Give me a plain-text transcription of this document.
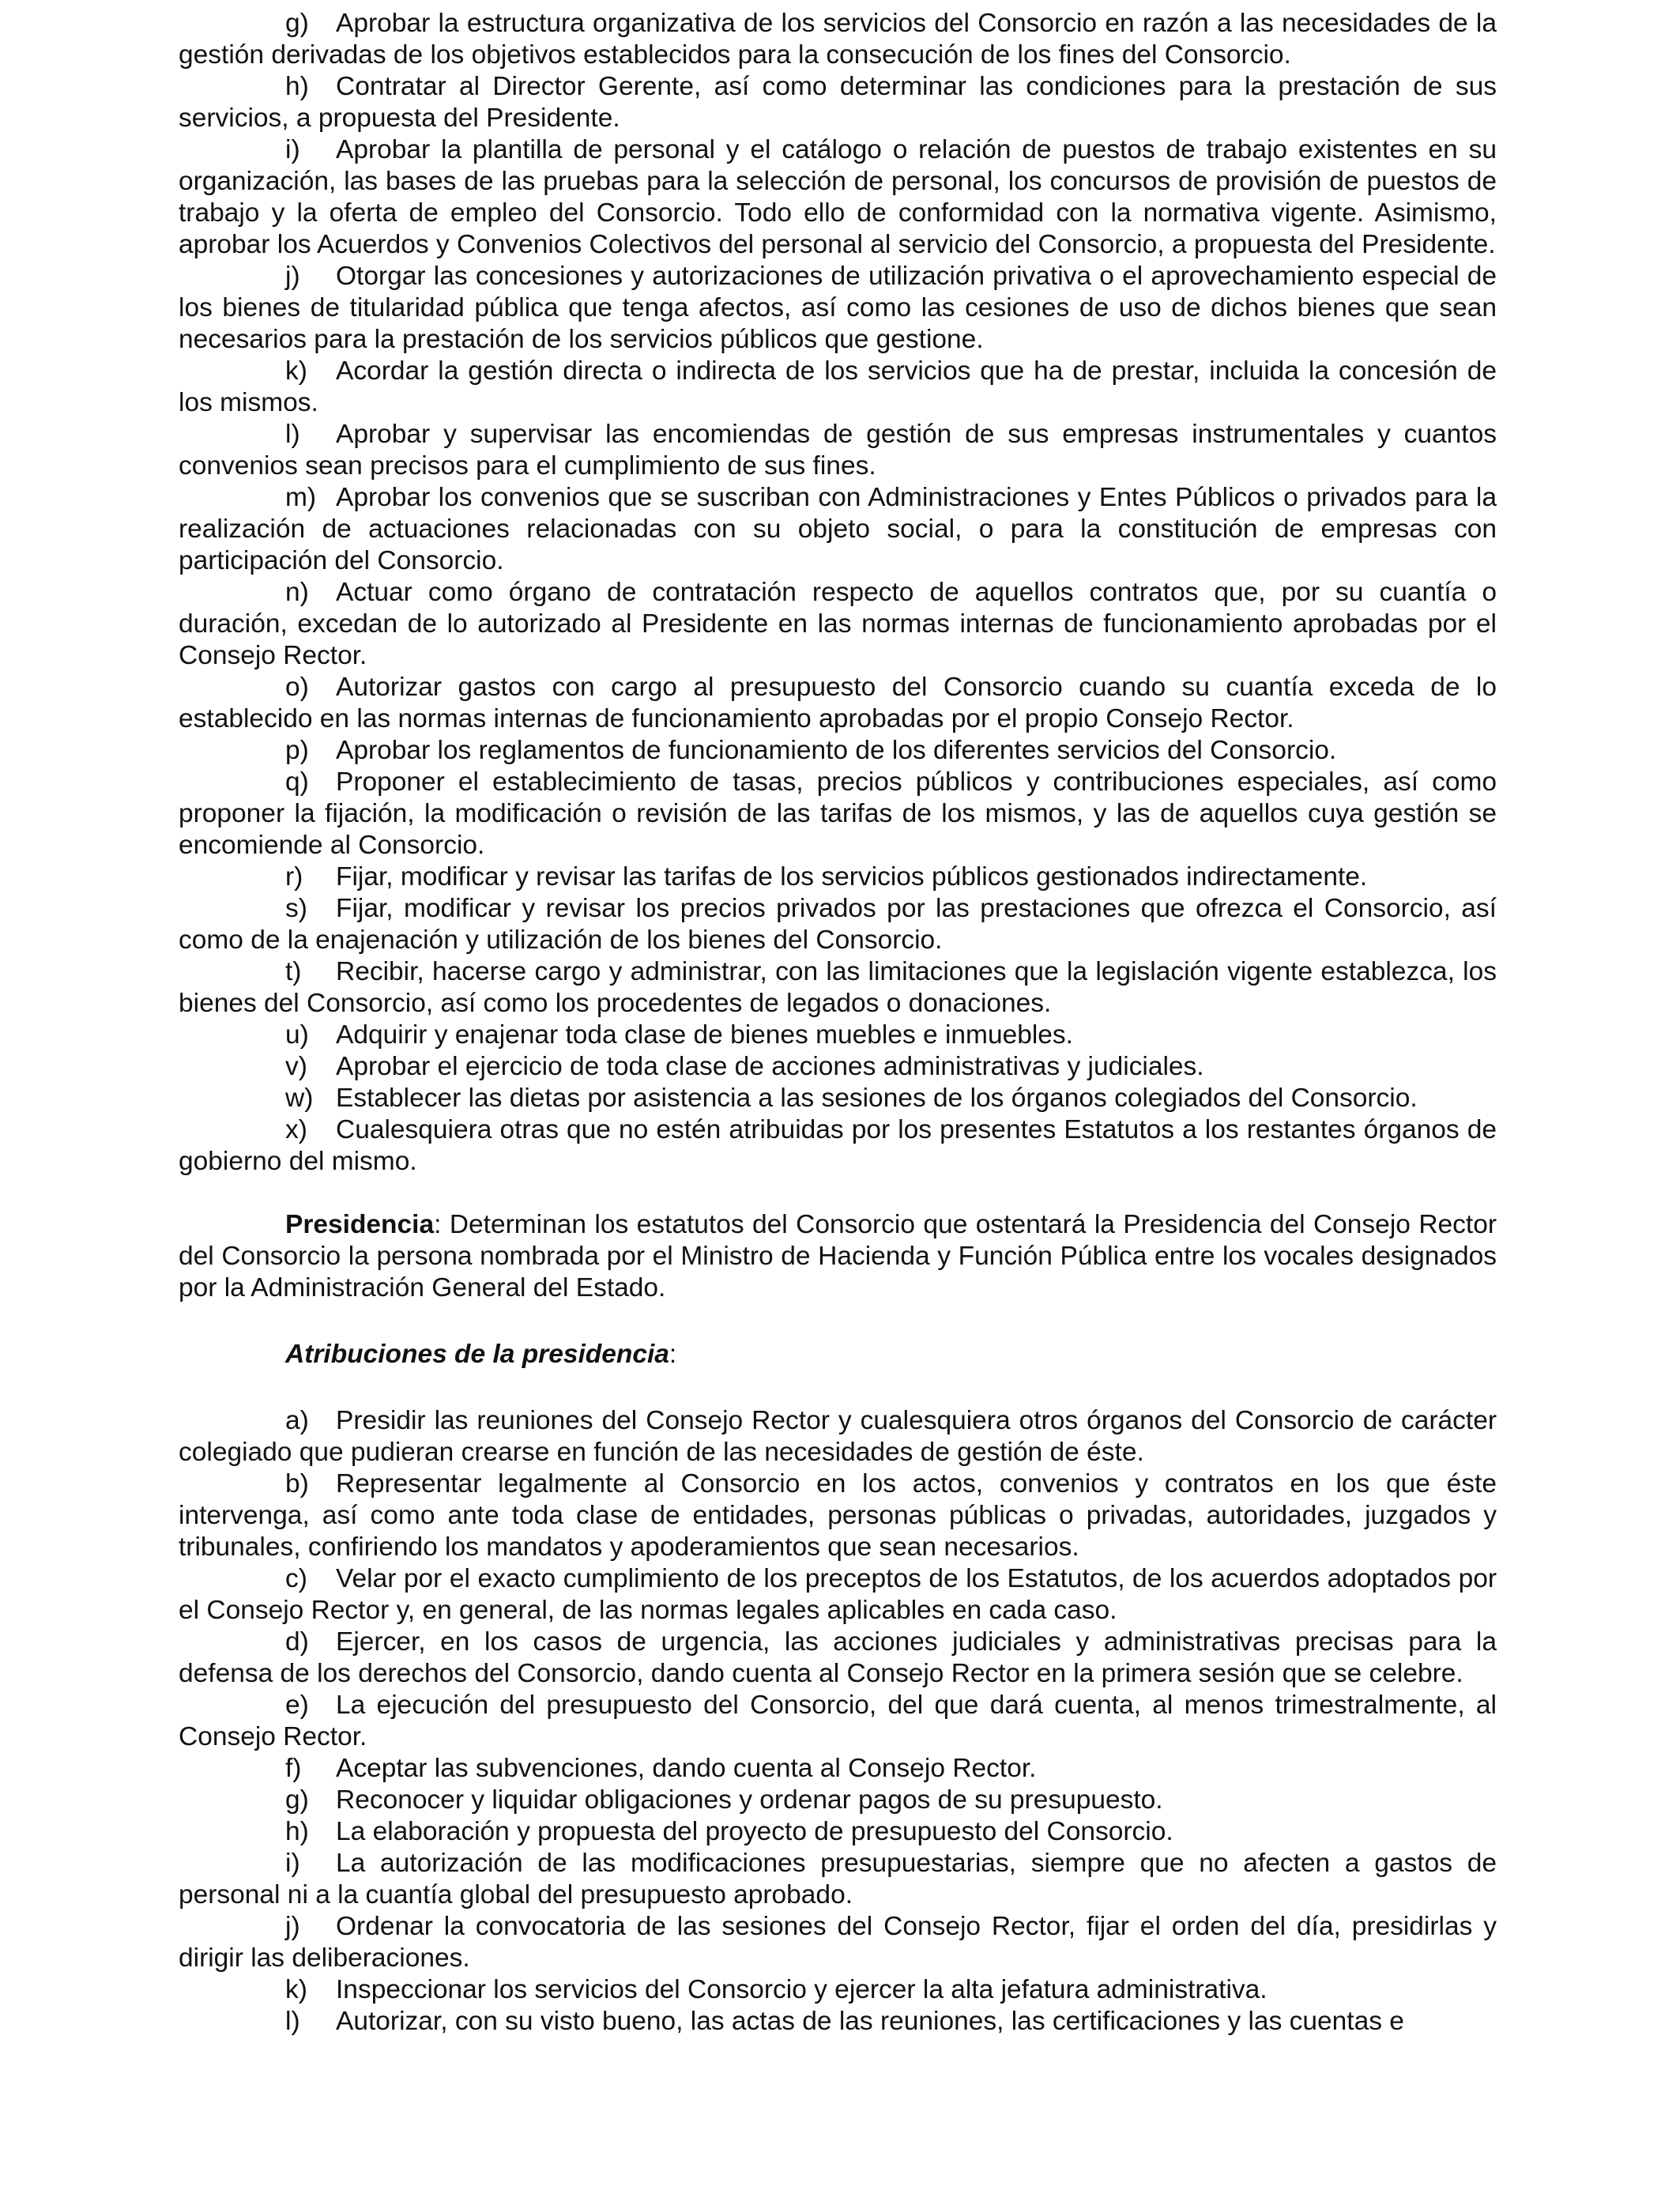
g) Aprobar la estructura organizativa de los servicios del Consorcio en razón a las necesidades de la gestión derivadas de los objetivos establecidos para la consecución de los fines del Consorcio.

h) Contratar al Director Gerente, así como determinar las condiciones para la prestación de sus servicios, a propuesta del Presidente.

i) Aprobar la plantilla de personal y el catálogo o relación de puestos de trabajo existentes en su organización, las bases de las pruebas para la selección de personal, los concursos de provisión de puestos de trabajo y la oferta de empleo del Consorcio. Todo ello de conformidad con la normativa vigente. Asimismo, aprobar los Acuerdos y Convenios Colectivos del personal al servicio del Consorcio, a propuesta del Presidente.

j) Otorgar las concesiones y autorizaciones de utilización privativa o el aprovechamiento especial de los bienes de titularidad pública que tenga afectos, así como las cesiones de uso de dichos bienes que sean necesarios para la prestación de los servicios públicos que gestione.

k) Acordar la gestión directa o indirecta de los servicios que ha de prestar, incluida la concesión de los mismos.

l) Aprobar y supervisar las encomiendas de gestión de sus empresas instrumentales y cuantos convenios sean precisos para el cumplimiento de sus fines.

m) Aprobar los convenios que se suscriban con Administraciones y Entes Públicos o privados para la realización de actuaciones relacionadas con su objeto social, o para la constitución de empresas con participación del Consorcio.

n) Actuar como órgano de contratación respecto de aquellos contratos que, por su cuantía o duración, excedan de lo autorizado al Presidente en las normas internas de funcionamiento aprobadas por el Consejo Rector.

o) Autorizar gastos con cargo al presupuesto del Consorcio cuando su cuantía exceda de lo establecido en las normas internas de funcionamiento aprobadas por el propio Consejo Rector.

p) Aprobar los reglamentos de funcionamiento de los diferentes servicios del Consorcio.

q) Proponer el establecimiento de tasas, precios públicos y contribuciones especiales, así como proponer la fijación, la modificación o revisión de las tarifas de los mismos, y las de aquellos cuya gestión se encomiende al Consorcio.

r) Fijar, modificar y revisar las tarifas de los servicios públicos gestionados indirectamente.

s) Fijar, modificar y revisar los precios privados por las prestaciones que ofrezca el Consorcio, así como de la enajenación y utilización de los bienes del Consorcio.

t) Recibir, hacerse cargo y administrar, con las limitaciones que la legislación vigente establezca, los bienes del Consorcio, así como los procedentes de legados o donaciones.

u) Adquirir y enajenar toda clase de bienes muebles e inmuebles.

v) Aprobar el ejercicio de toda clase de acciones administrativas y judiciales.

w) Establecer las dietas por asistencia a las sesiones de los órganos colegiados del Consorcio.

x) Cualesquiera otras que no estén atribuidas por los presentes Estatutos a los restantes órganos de gobierno del mismo.

Presidencia: Determinan los estatutos del Consorcio que ostentará la Presidencia del Consejo Rector del Consorcio la persona nombrada por el Ministro de Hacienda y Función Pública entre los vocales designados por la Administración General del Estado.

Atribuciones de la presidencia:

a) Presidir las reuniones del Consejo Rector y cualesquiera otros órganos del Consorcio de carácter colegiado que pudieran crearse en función de las necesidades de gestión de éste.

b) Representar legalmente al Consorcio en los actos, convenios y contratos en los que éste intervenga, así como ante toda clase de entidades, personas públicas o privadas, autoridades, juzgados y tribunales, confiriendo los mandatos y apoderamientos que sean necesarios.

c) Velar por el exacto cumplimiento de los preceptos de los Estatutos, de los acuerdos adoptados por el Consejo Rector y, en general, de las normas legales aplicables en cada caso.

d) Ejercer, en los casos de urgencia, las acciones judiciales y administrativas precisas para la defensa de los derechos del Consorcio, dando cuenta al Consejo Rector en la primera sesión que se celebre.

e) La ejecución del presupuesto del Consorcio, del que dará cuenta, al menos trimestralmente, al Consejo Rector.

f) Aceptar las subvenciones, dando cuenta al Consejo Rector.

g) Reconocer y liquidar obligaciones y ordenar pagos de su presupuesto.

h) La elaboración y propuesta del proyecto de presupuesto del Consorcio.

i) La autorización de las modificaciones presupuestarias, siempre que no afecten a gastos de personal ni a la cuantía global del presupuesto aprobado.

j) Ordenar la convocatoria de las sesiones del Consejo Rector, fijar el orden del día, presidirlas y dirigir las deliberaciones.

k) Inspeccionar los servicios del Consorcio y ejercer la alta jefatura administrativa.

l) Autorizar, con su visto bueno, las actas de las reuniones, las certificaciones y las cuentas e
